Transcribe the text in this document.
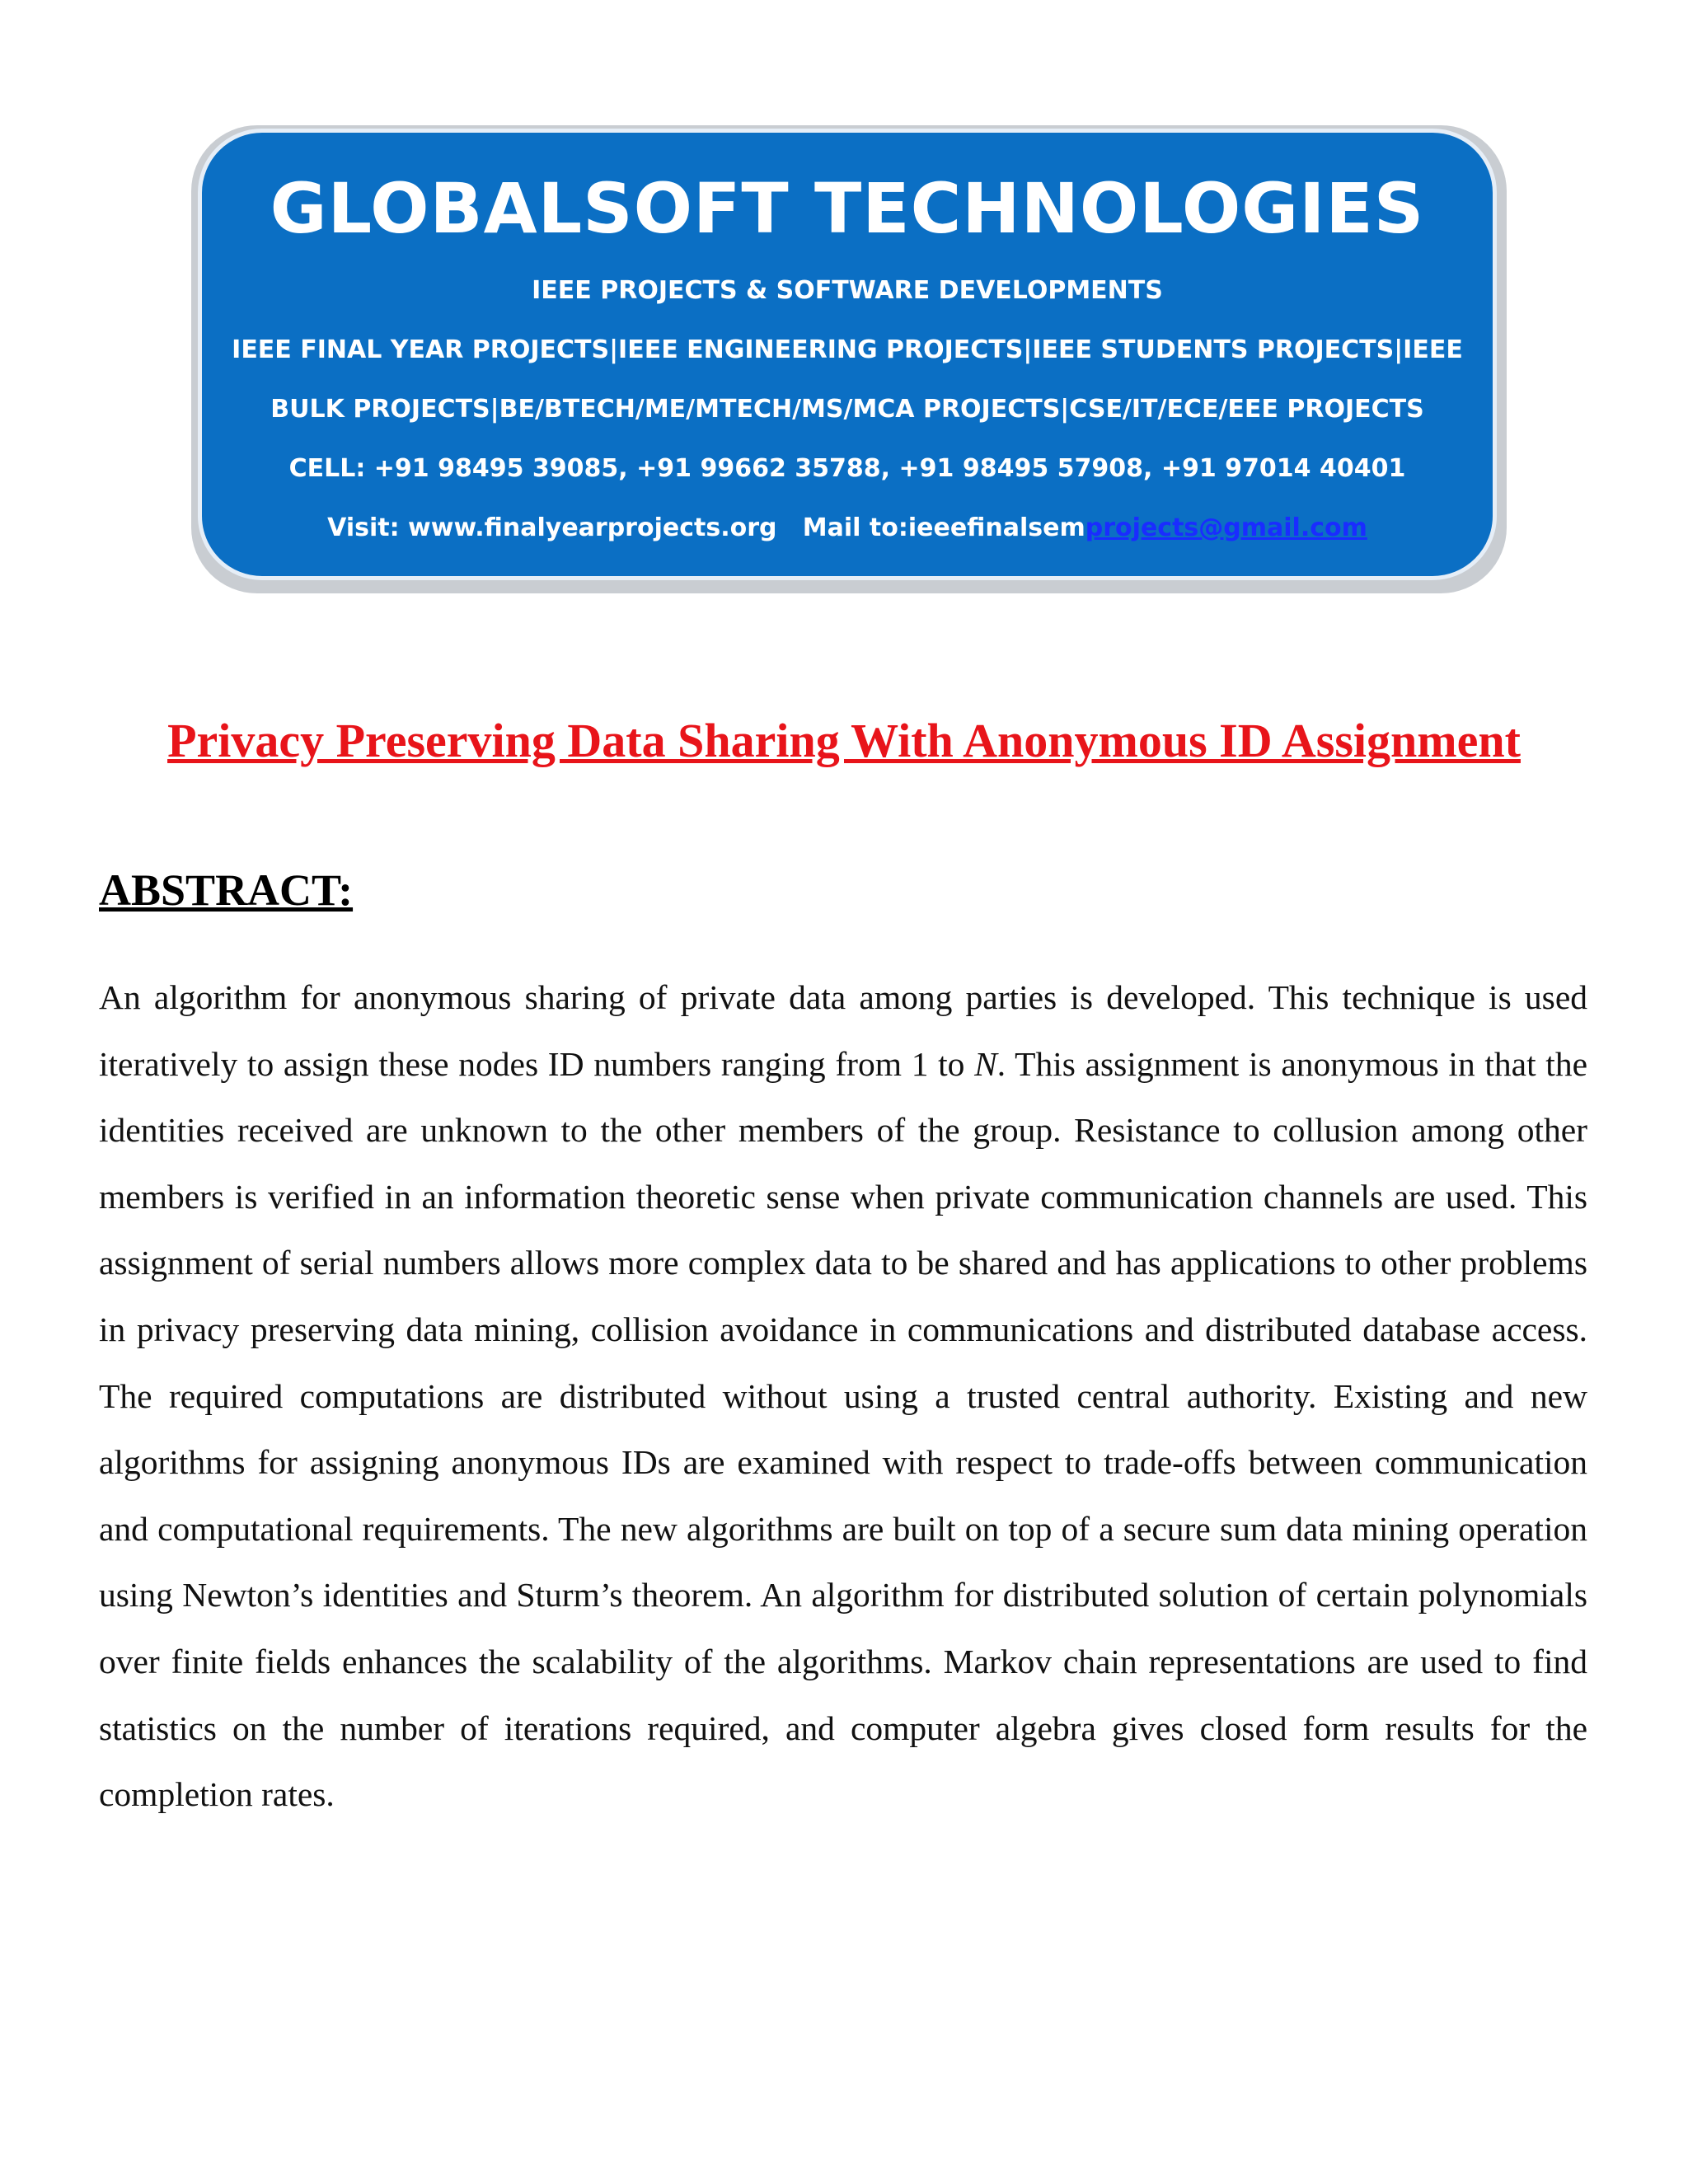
GLOBALSOFT TECHNOLOGIES
IEEE PROJECTS & SOFTWARE DEVELOPMENTS
IEEE FINAL YEAR PROJECTS|IEEE ENGINEERING PROJECTS|IEEE STUDENTS PROJECTS|IEEE
BULK PROJECTS|BE/BTECH/ME/MTECH/MS/MCA PROJECTS|CSE/IT/ECE/EEE PROJECTS
CELL: +91 98495 39085, +91 99662 35788, +91 98495 57908, +91 97014 40401
Visit: www.finalyearprojects.org   Mail to:ieeefinalsemprojects@gmail.com
Privacy Preserving Data Sharing With Anonymous ID Assignment
ABSTRACT:
An algorithm for anonymous sharing of private data among parties is developed. This technique is used iteratively to assign these nodes ID numbers ranging from 1 to N. This assignment is anonymous in that the identities received are unknown to the other members of the group. Resistance to collusion among other members is verified in an information theoretic sense when private communication channels are used. This assignment of serial numbers allows more complex data to be shared and has applications to other problems in privacy preserving data mining, collision avoidance in communications and distributed database access. The required computations are distributed without using a trusted central authority. Existing and new algorithms for assigning anonymous IDs are examined with respect to trade-offs between communication and computational requirements. The new algorithms are built on top of a secure sum data mining operation using Newton’s identities and Sturm’s theorem. An algorithm for distributed solution of certain polynomials over finite fields enhances the scalability of the algorithms. Markov chain representations are used to find statistics on the number of iterations required, and computer algebra gives closed form results for the completion rates.
